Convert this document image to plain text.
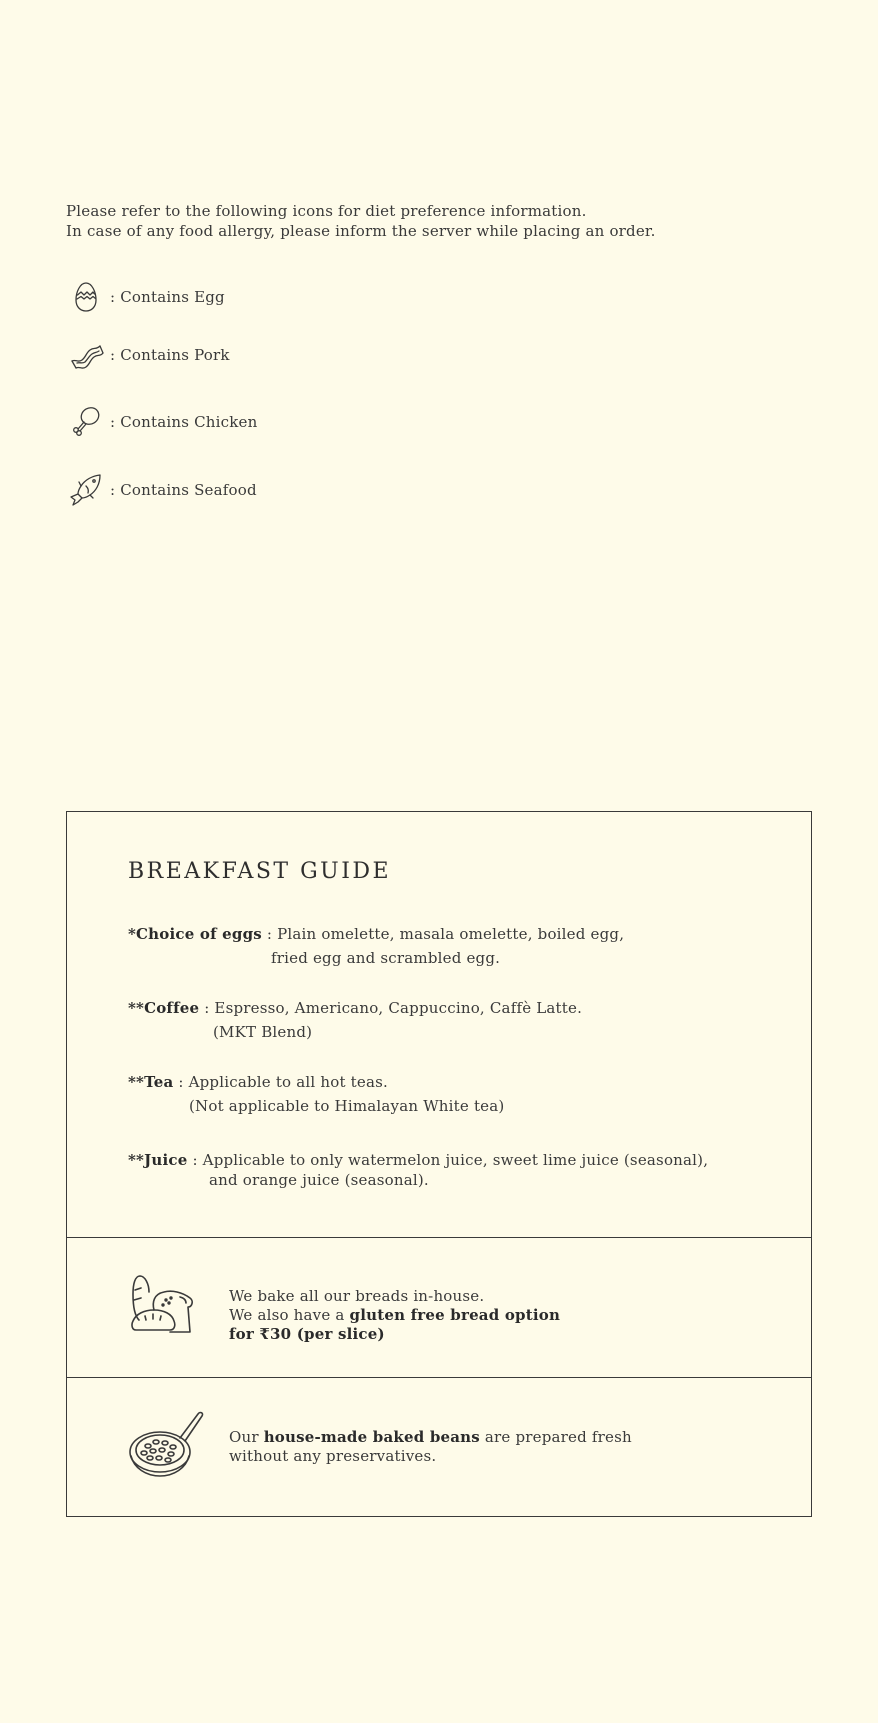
Please refer to the following icons for diet preference information.
In case of any food allergy, please inform the server while placing an order.
: Contains Egg
: Contains Pork
: Contains Chicken
: Contains Seafood
BREAKFAST GUIDE
*Choice of eggs : Plain omelette, masala omelette, boiled egg,
fried egg and scrambled egg.
**Coffee : Espresso, Americano, Cappuccino, Caffè Latte.
(MKT Blend)
**Tea : Applicable to all hot teas.
(Not applicable to Himalayan White tea)
**Juice : Applicable to only watermelon juice, sweet lime juice (seasonal),
and orange juice (seasonal).
We bake all our breads in-house.
We also have a gluten free bread option
for ₹30 (per slice)
Our house-made baked beans are prepared fresh
without any preservatives.
